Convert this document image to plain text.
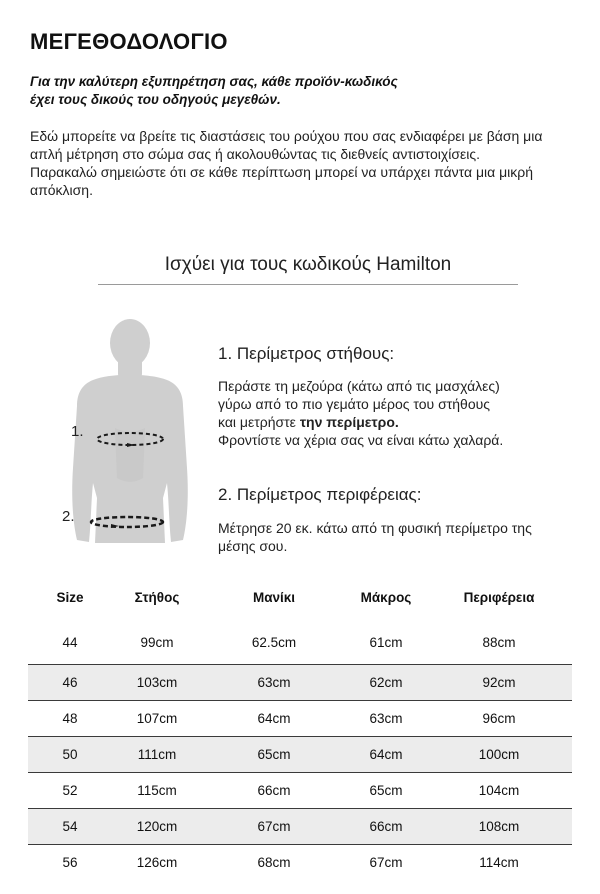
ΜΕΓΕΘΟΔΟΛΟΓΙΟ
Για την καλύτερη εξυπηρέτηση σας, κάθε προϊόν-κωδικός
έχει τους δικούς του οδηγούς μεγεθών.

Εδώ μπορείτε να βρείτε τις διαστάσεις του ρούχου που σας ενδιαφέρει με βάση μια απλή μέτρηση στο σώμα σας ή ακολουθώντας τις διεθνείς αντιστοιχίσεις.

Παρακαλώ σημειώστε ότι σε κάθε περίπτωση μπορεί να υπάρχει πάντα μια μικρή απόκλιση.

Ισχύει για τους κωδικούς Hamilton
1.
2.
1. Περίμετρος στήθους:
Περάστε τη μεζούρα (κάτω από τις μασχάλες)
γύρω από το πιο γεμάτο μέρος του στήθους
και μετρήστε την περίμετρο.
Φροντίστε να χέρια σας να είναι κάτω χαλαρά.
2. Περίμετρος περιφέρειας:
Μέτρησε 20 εκ. κάτω από τη φυσική περίμετρο της μέσης σου.
Size	Στήθος	Μανίκι	Μάκρος	Περιφέρεια
44	99cm	62.5cm	61cm	88cm
46	103cm	63cm	62cm	92cm
48	107cm	64cm	63cm	96cm
50	111cm	65cm	64cm	100cm
52	115cm	66cm	65cm	104cm
54	120cm	67cm	66cm	108cm
56	126cm	68cm	67cm	114cm
